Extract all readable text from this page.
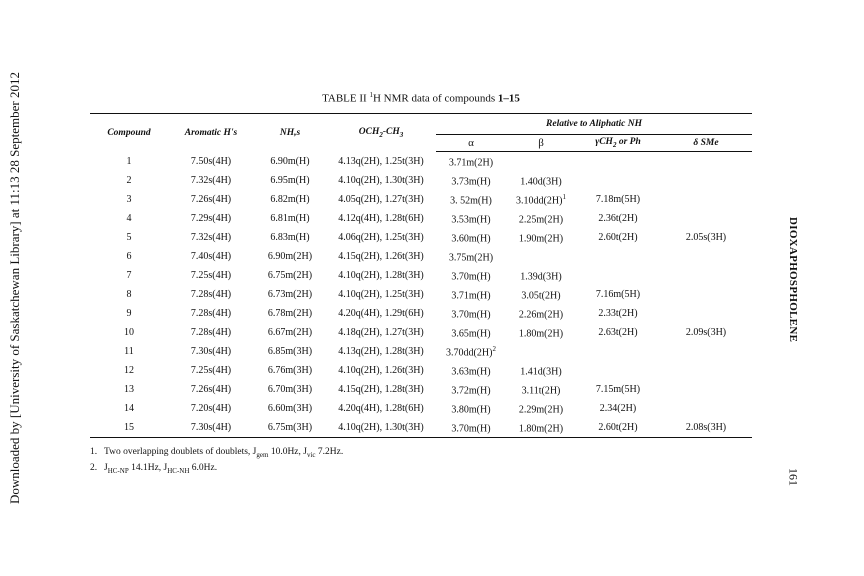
Downloaded by [University of Saskatchewan Library] at 11:13 28 September 2012	DIOXAPHOSPHOLENE
161
TABLE II $^1$H NMR data of compounds 1–15
Compound	Aromatic H's	NH,s	$OCH_2-CH_3$	Relative to Aliphatic NH			
				α	β	γCH$_2$ or Ph	δ SMe
1	7.50s(4H)	6.90m(H)	4.13q(2H), 1.25t(3H)	3.71m(2H)			
2	7.32s(4H)	6.95m(H)	4.10q(2H), 1.30t(3H)	3.73m(H)	1.40d(3H)		
3	7.26s(4H)	6.82m(H)	4.05q(2H), 1.27t(3H)	3. 52m(H)	$3.10dd(2H)^1$	7.18m(5H)	
4	7.29s(4H)	6.81m(H)	4.12q(4H), 1.28t(6H)	3.53m(H)	2.25m(2H)	2.36t(2H)	
5	7.32s(4H)	6.83m(H)	4.06q(2H), 1.25t(3H)	3.60m(H)	1.90m(2H)	2.60t(2H)	2.05s(3H)
6	7.40s(4H)	6.90m(2H)	4.15q(2H), 1.26t(3H)	3.75m(2H)			
7	7.25s(4H)	6.75m(2H)	4.10q(2H), 1.28t(3H)	3.70m(H)	1.39d(3H)		
8	7.28s(4H)	6.73m(2H)	4.10q(2H), 1.25t(3H)	3.71m(H)	3.05t(2H)	7.16m(5H)	
9	7.28s(4H)	6.78m(2H)	4.20q(4H), 1.29t(6H)	3.70m(H)	2.26m(2H)	2.33t(2H)	
10	7.28s(4H)	6.67m(2H)	4.18q(2H), 1.27t(3H)	3.65m(H)	1.80m(2H)	2.63t(2H)	2.09s(3H)
11	7.30s(4H)	6.85m(3H)	4.13q(2H), 1.28t(3H)	$3.70dd(2H)^2$			
12	7.25s(4H)	6.76m(3H)	4.10q(2H), 1.26t(3H)	3.63m(H)	1.41d(3H)		
13	7.26s(4H)	6.70m(3H)	4.15q(2H), 1.28t(3H)	3.72m(H)	3.11t(2H)	7.15m(5H)	
14	7.20s(4H)	6.60m(3H)	4.20q(4H), 1.28t(6H)	3.80m(H)	2.29m(2H)	2.34(2H)	
15	7.30s(4H)	6.75m(3H)	4.10q(2H), 1.30t(3H)	3.70m(H)	1.80m(2H)	2.60t(2H)	2.08s(3H)
1. Two overlapping doublets of doublets, $J_{gem}$ 10.0Hz, $J_{vic}$ 7.2Hz.
2. $J_{HC-NP}$ 14.1Hz, $J_{HC-NH}$ 6.0Hz.
